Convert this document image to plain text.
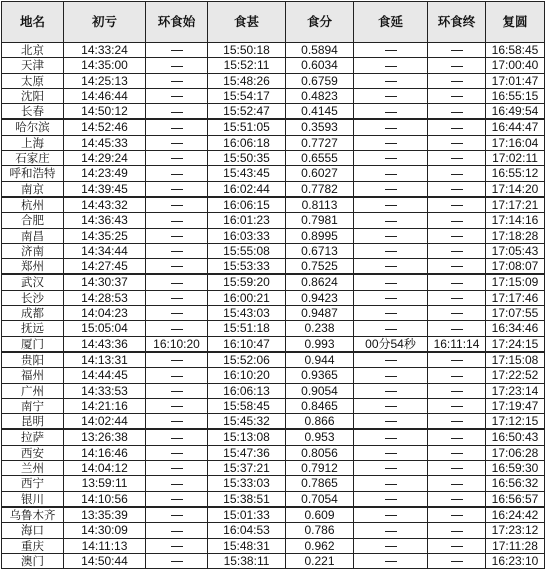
地名	初亏	环食始	食甚	食分	食延	环食终	复圆
北京	14:33:24		15:50:18	0.5894			16:58:45
天津	14:35:00		15:52:11	0.6034			17:00:40
太原	14:25:13		15:48:26	0.6759			17:01:47
沈阳	14:46:44		15:54:17	0.4823			16:55:15
长春	14:50:12		15:52:47	0.4145			16:49:54
哈尔滨	14:52:46		15:51:05	0.3593			16:44:47
上海	14:45:33		16:06:18	0.7727			17:16:04
石家庄	14:29:24		15:50:35	0.6555			17:02:11
呼和浩特	14:23:49		15:43:45	0.6027			16:55:12
南京	14:39:45		16:02:44	0.7782			17:14:20
杭州	14:43:32		16:06:15	0.8113			17:17:21
合肥	14:36:43		16:01:23	0.7981			17:14:16
南昌	14:35:25		16:03:33	0.8995			17:18:28
济南	14:34:44		15:55:08	0.6713			17:05:43
郑州	14:27:45		15:53:33	0.7525			17:08:07
武汉	14:30:37		15:59:20	0.8624			17:15:09
长沙	14:28:53		16:00:21	0.9423			17:17:46
成都	14:04:23		15:43:03	0.9487			17:07:55
抚远	15:05:04		15:51:18	0.238			16:34:46
厦门	14:43:36	16:10:20	16:10:47	0.993	00分54秒	16:11:14	17:24:15
贵阳	14:13:31		15:52:06	0.944			17:15:08
福州	14:44:45		16:10:20	0.9365			17:22:52
广州	14:33:53		16:06:13	0.9054			17:23:14
南宁	14:21:16		15:58:45	0.8465			17:19:47
昆明	14:02:44		15:45:32	0.866			17:12:15
拉萨	13:26:38		15:13:08	0.953			16:50:43
西安	14:16:46		15:47:36	0.8056			17:06:28
兰州	14:04:12		15:37:21	0.7912			16:59:30
西宁	13:59:11		15:33:03	0.7865			16:56:32
银川	14:10:56		15:38:51	0.7054			16:56:57
乌鲁木齐	13:35:39		15:01:33	0.609			16:24:42
海口	14:30:09		16:04:53	0.786			17:23:12
重庆	14:11:13		15:48:31	0.962			17:11:28
澳门	14:50:44		15:38:11	0.221			16:23:10
